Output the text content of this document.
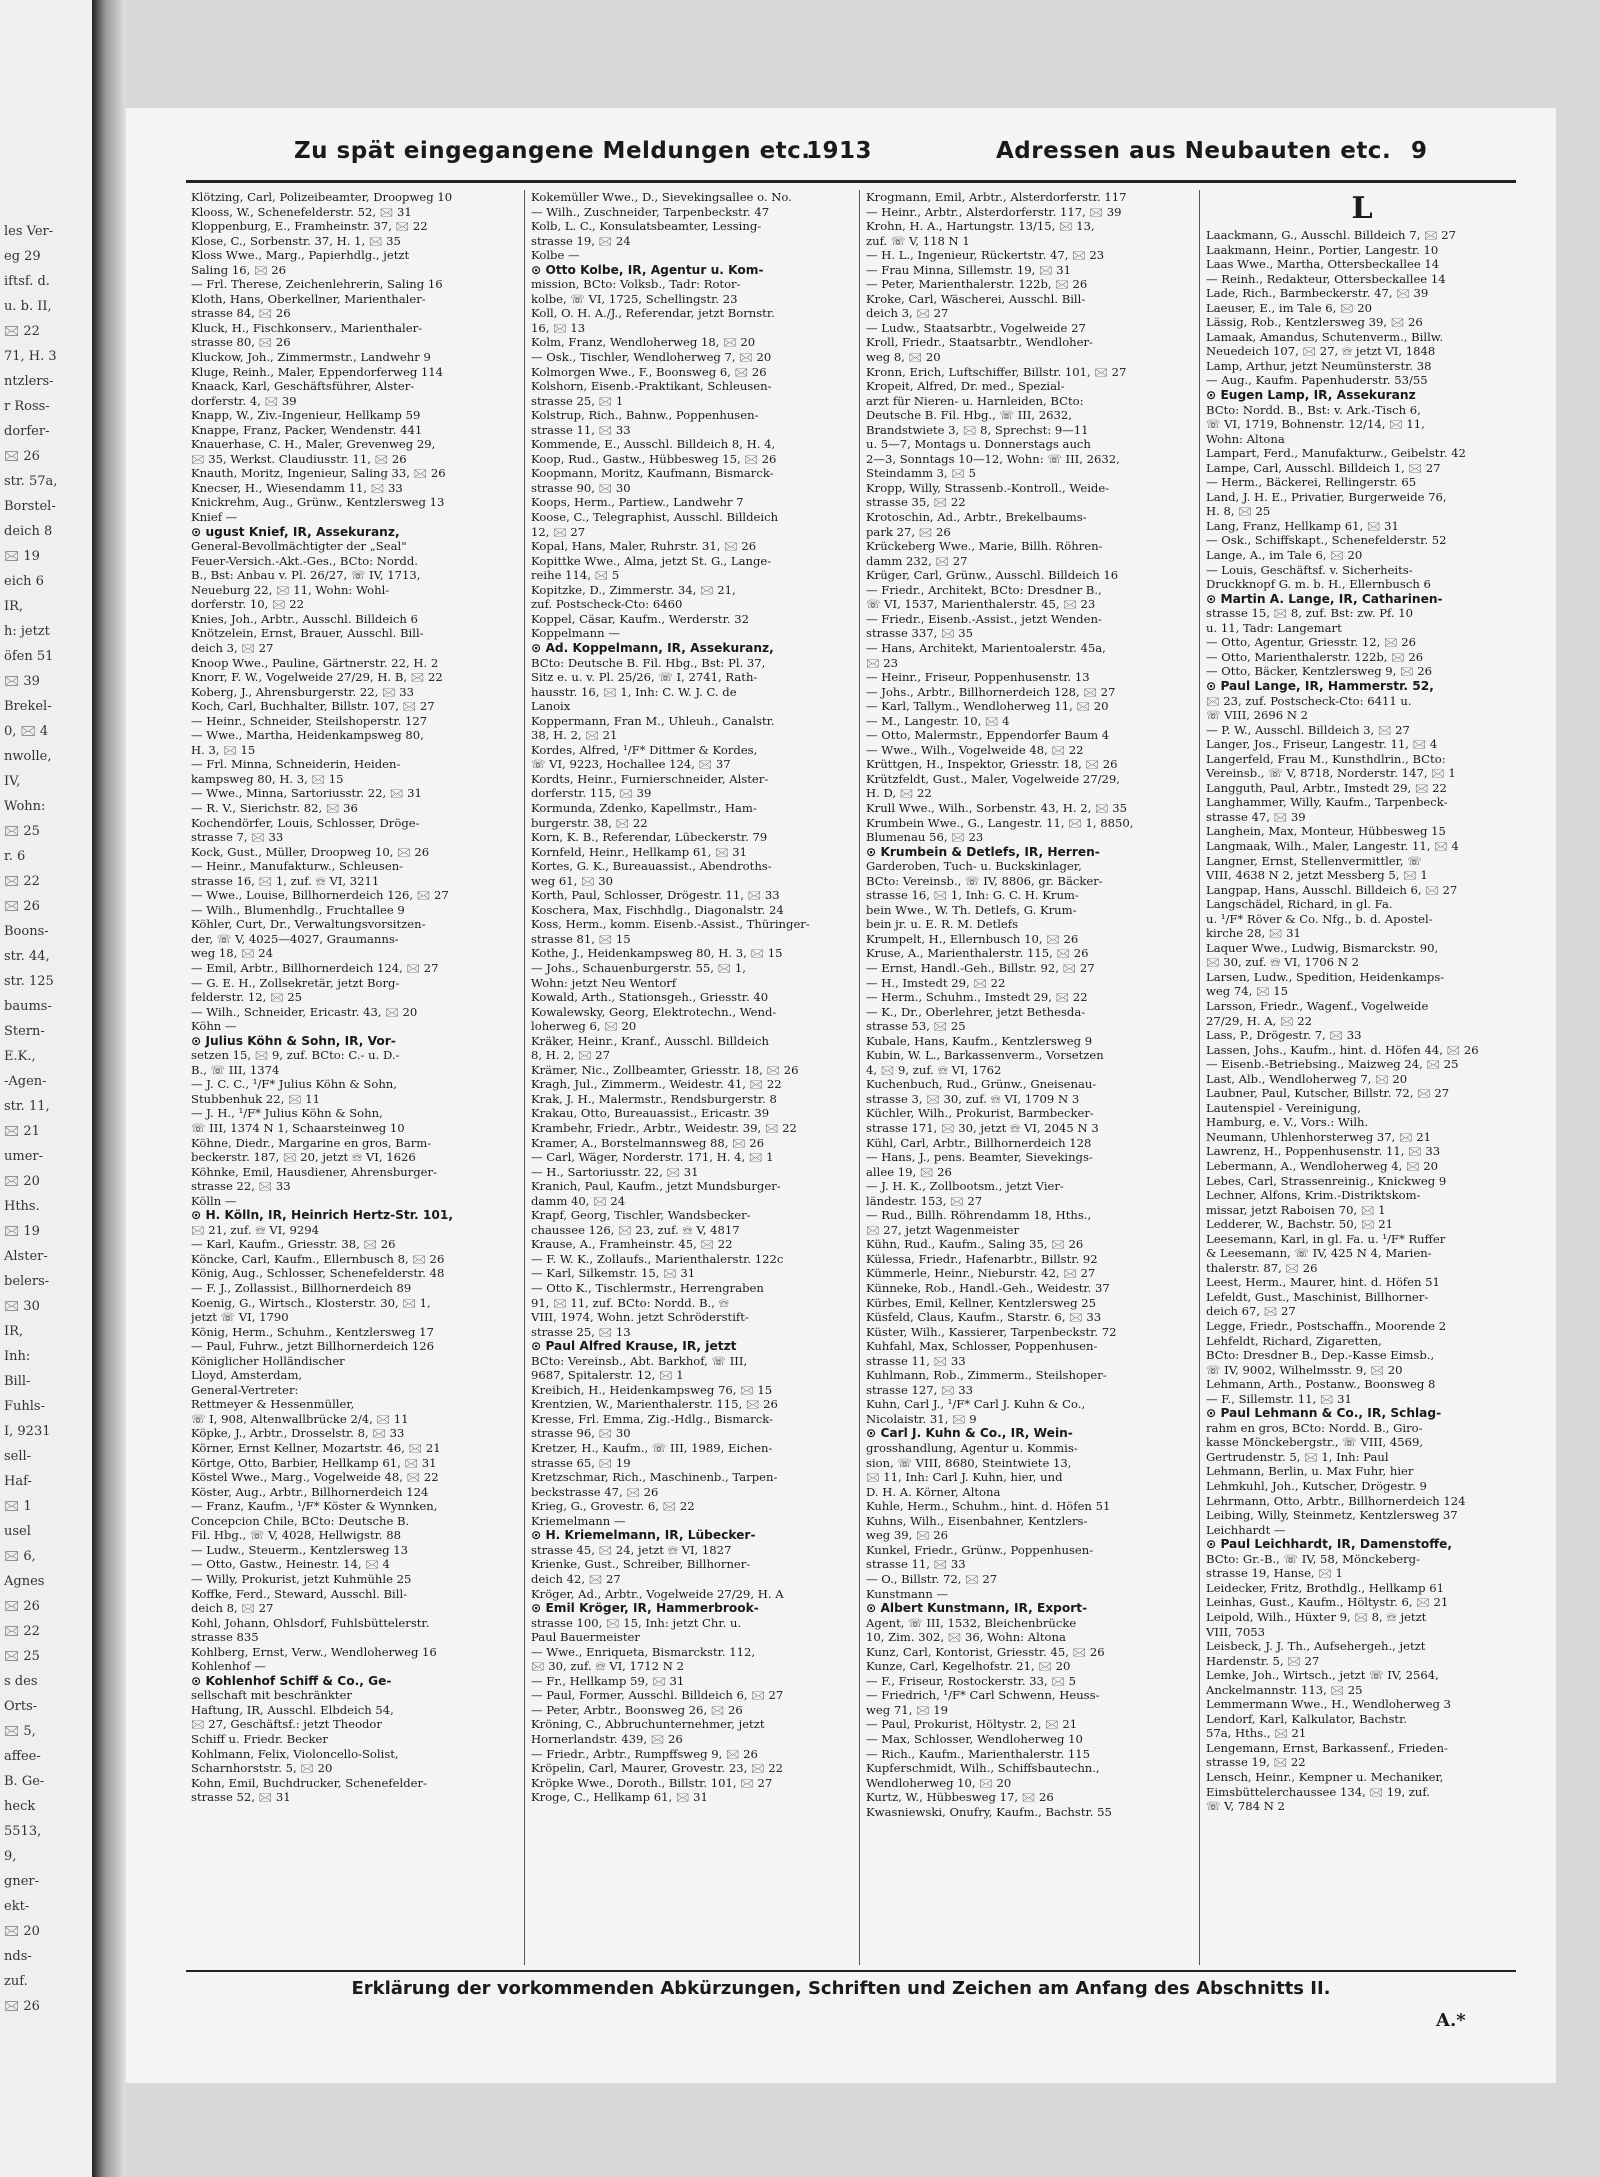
les Ver-
eg 29
iftsf. d.
u. b. II,
🖂 22
71, H. 3
ntzlers-
r Ross-
dorfer-
🖂 26
str. 57a,
Borstel-
deich 8
🖂 19
eich 6
IR,
h: jetzt
öfen 51
🖂 39
Brekel-
0, 🖂 4
nwolle,
IV,
Wohn:
🖂 25
r. 6
🖂 22
🖂 26
Boons-
str. 44,
str. 125
baums-
Stern-
E.K.,
-Agen-
str. 11,
🖂 21
umer-
🖂 20
Hths.
🖂 19
Alster-
belers-
🖂 30
IR,
Inh:
Bill-
Fuhls-
I, 9231
sell-
Haf-
🖂 1
usel
🖂 6,
Agnes
🖂 26
🖂 22
🖂 25
s des
Orts-
🖂 5,
affee-
B. Ge-
heck
5513,
9,
gner-
ekt-
🖂 20
nds-
zuf.
🖂 26
Zu spät eingegangene Meldungen etc.
1913	Adressen aus Neubauten etc. 9
Klötzing, Carl, Polizeibeamter, Droopweg 10
Klooss, W., Schenefelderstr. 52, 🖂 31
Kloppenburg, E., Framheinstr. 37, 🖂 22
Klose, C., Sorbenstr. 37, H. 1, 🖂 35
Kloss Wwe., Marg., Papierhdlg., jetzt
Saling 16, 🖂 26
— Frl. Therese, Zeichenlehrerin, Saling 16
Kloth, Hans, Oberkellner, Marienthaler-
strasse 84, 🖂 26
Kluck, H., Fischkonserv., Marienthaler-
strasse 80, 🖂 26
Kluckow, Joh., Zimmermstr., Landwehr 9
Kluge, Reinh., Maler, Eppendorferweg 114
Knaack, Karl, Geschäftsführer, Alster-
dorferstr. 4, 🖂 39
Knapp, W., Ziv.-Ingenieur, Hellkamp 59
Knappe, Franz, Packer, Wendenstr. 441
Knauerhase, C. H., Maler, Grevenweg 29,
🖂 35, Werkst. Claudiusstr. 11, 🖂 26
Knauth, Moritz, Ingenieur, Saling 33, 🖂 26
Knecser, H., Wiesendamm 11, 🖂 33
Knickrehm, Aug., Grünw., Kentzlersweg 13
Knief —
⊙ ugust Knief, IR, Assekuranz,
General-Bevollmächtigter der „Seal"
Feuer-Versich.-Akt.-Ges., BCto: Nordd.
B., Bst: Anbau v. Pl. 26/27, ☏ IV, 1713,
Neueburg 22, 🖂 11, Wohn: Wohl-
dorferstr. 10, 🖂 22
Knies, Joh., Arbtr., Ausschl. Billdeich 6
Knötzelein, Ernst, Brauer, Ausschl. Bill-
deich 3, 🖂 27
Knoop Wwe., Pauline, Gärtnerstr. 22, H. 2
Knorr, F. W., Vogelweide 27/29, H. B, 🖂 22
Koberg, J., Ahrensburgerstr. 22, 🖂 33
Koch, Carl, Buchhalter, Billstr. 107, 🖂 27
— Heinr., Schneider, Steilshoperstr. 127
— Wwe., Martha, Heidenkampsweg 80,
H. 3, 🖂 15
— Frl. Minna, Schneiderin, Heiden-
kampsweg 80, H. 3, 🖂 15
— Wwe., Minna, Sartoriusstr. 22, 🖂 31
— R. V., Sierichstr. 82, 🖂 36
Kochendörfer, Louis, Schlosser, Dröge-
strasse 7, 🖂 33
Kock, Gust., Müller, Droopweg 10, 🖂 26
— Heinr., Manufakturw., Schleusen-
strasse 16, 🖂 1, zuf. ☏ VI, 3211
— Wwe., Louise, Billhornerdeich 126, 🖂 27
— Wilh., Blumenhdlg., Fruchtallee 9
Köhler, Curt, Dr., Verwaltungsvorsitzen-
der, ☏ V, 4025—4027, Graumanns-
weg 18, 🖂 24
— Emil, Arbtr., Billhornerdeich 124, 🖂 27
— G. E. H., Zollsekretär, jetzt Borg-
felderstr. 12, 🖂 25
— Wilh., Schneider, Ericastr. 43, 🖂 20
Köhn —
⊙ Julius Köhn & Sohn, IR, Vor-
setzen 15, 🖂 9, zuf. BCto: C.- u. D.-
B., ☏ III, 1374
— J. C. C., ¹/F* Julius Köhn & Sohn,
Stubbenhuk 22, 🖂 11
— J. H., ¹/F* Julius Köhn & Sohn,
☏ III, 1374 N 1, Schaarsteinweg 10
Köhne, Diedr., Margarine en gros, Barm-
beckerstr. 187, 🖂 20, jetzt ☏ VI, 1626
Köhnke, Emil, Hausdiener, Ahrensburger-
strasse 22, 🖂 33
Kölln —
⊙ H. Kölln, IR, Heinrich Hertz-Str. 101,
🖂 21, zuf. ☏ VI, 9294
— Karl, Kaufm., Griesstr. 38, 🖂 26
Köncke, Carl, Kaufm., Ellernbusch 8, 🖂 26
König, Aug., Schlosser, Schenefelderstr. 48
— F. J., Zollassist., Billhornerdeich 89
Koenig, G., Wirtsch., Klosterstr. 30, 🖂 1,
jetzt ☏ VI, 1790
König, Herm., Schuhm., Kentzlersweg 17
— Paul, Fuhrw., jetzt Billhornerdeich 126
Königlicher Holländischer
Lloyd, Amsterdam,
General-Vertreter:
Rettmeyer & Hessenmüller,
☏ I, 908, Altenwallbrücke 2/4, 🖂 11
Köpke, J., Arbtr., Drosselstr. 8, 🖂 33
Körner, Ernst Kellner, Mozartstr. 46, 🖂 21
Körtge, Otto, Barbier, Hellkamp 61, 🖂 31
Köstel Wwe., Marg., Vogelweide 48, 🖂 22
Köster, Aug., Arbtr., Billhornerdeich 124
— Franz, Kaufm., ¹/F* Köster & Wynnken,
Concepcion Chile, BCto: Deutsche B.
Fil. Hbg., ☏ V, 4028, Hellwigstr. 88
— Ludw., Steuerm., Kentzlersweg 13
— Otto, Gastw., Heinestr. 14, 🖂 4
— Willy, Prokurist, jetzt Kuhmühle 25
Koffke, Ferd., Steward, Ausschl. Bill-
deich 8, 🖂 27
Kohl, Johann, Ohlsdorf, Fuhlsbüttelerstr.
strasse 835
Kohlberg, Ernst, Verw., Wendloherweg 16
Kohlenhof —
⊙ Kohlenhof Schiff & Co., Ge-
sellschaft mit beschränkter
Haftung, IR, Ausschl. Elbdeich 54,
🖂 27, Geschäftsf.: jetzt Theodor
Schiff u. Friedr. Becker
Kohlmann, Felix, Violoncello-Solist,
Scharnhorststr. 5, 🖂 20
Kohn, Emil, Buchdrucker, Schenefelder-
strasse 52, 🖂 31
Kokemüller Wwe., D., Sievekingsallee o. No.
— Wilh., Zuschneider, Tarpenbeckstr. 47
Kolb, L. C., Konsulatsbeamter, Lessing-
strasse 19, 🖂 24
Kolbe —
⊙ Otto Kolbe, IR, Agentur u. Kom-
mission, BCto: Volksb., Tadr: Rotor-
kolbe, ☏ VI, 1725, Schellingstr. 23
Koll, O. H. A./J., Referendar, jetzt Bornstr.
16, 🖂 13
Kolm, Franz, Wendloherweg 18, 🖂 20
— Osk., Tischler, Wendloherweg 7, 🖂 20
Kolmorgen Wwe., F., Boonsweg 6, 🖂 26
Kolshorn, Eisenb.-Praktikant, Schleusen-
strasse 25, 🖂 1
Kolstrup, Rich., Bahnw., Poppenhusen-
strasse 11, 🖂 33
Kommende, E., Ausschl. Billdeich 8, H. 4,
Koop, Rud., Gastw., Hübbesweg 15, 🖂 26
Koopmann, Moritz, Kaufmann, Bismarck-
strasse 90, 🖂 30
Koops, Herm., Partiew., Landwehr 7
Koose, C., Telegraphist, Ausschl. Billdeich
12, 🖂 27
Kopal, Hans, Maler, Ruhrstr. 31, 🖂 26
Kopittke Wwe., Alma, jetzt St. G., Lange-
reihe 114, 🖂 5
Kopitzke, D., Zimmerstr. 34, 🖂 21,
zuf. Postscheck-Cto: 6460
Koppel, Cäsar, Kaufm., Werderstr. 32
Koppelmann —
⊙ Ad. Koppelmann, IR, Assekuranz,
BCto: Deutsche B. Fil. Hbg., Bst: Pl. 37,
Sitz e. u. v. Pl. 25/26, ☏ I, 2741, Rath-
hausstr. 16, 🖂 1, Inh: C. W. J. C. de
Lanoix
Koppermann, Fran M., Uhleuh., Canalstr.
38, H. 2, 🖂 21
Kordes, Alfred, ¹/F* Dittmer & Kordes,
☏ VI, 9223, Hochallee 124, 🖂 37
Kordts, Heinr., Furnierschneider, Alster-
dorferstr. 115, 🖂 39
Kormunda, Zdenko, Kapellmstr., Ham-
burgerstr. 38, 🖂 22
Korn, K. B., Referendar, Lübeckerstr. 79
Kornfeld, Heinr., Hellkamp 61, 🖂 31
Kortes, G. K., Bureauassist., Abendroths-
weg 61, 🖂 30
Korth, Paul, Schlosser, Drögestr. 11, 🖂 33
Koschera, Max, Fischhdlg., Diagonalstr. 24
Koss, Herm., komm. Eisenb.-Assist., Thüringer-
strasse 81, 🖂 15
Kothe, J., Heidenkampsweg 80, H. 3, 🖂 15
— Johs., Schauenburgerstr. 55, 🖂 1,
Wohn: jetzt Neu Wentorf
Kowald, Arth., Stationsgeh., Griesstr. 40
Kowalewsky, Georg, Elektrotechn., Wend-
loherweg 6, 🖂 20
Kräker, Heinr., Kranf., Ausschl. Billdeich
8, H. 2, 🖂 27
Krämer, Nic., Zollbeamter, Griesstr. 18, 🖂 26
Kragh, Jul., Zimmerm., Weidestr. 41, 🖂 22
Krak, J. H., Malermstr., Rendsburgerstr. 8
Krakau, Otto, Bureauassist., Ericastr. 39
Krambehr, Friedr., Arbtr., Weidestr. 39, 🖂 22
Kramer, A., Borstelmannsweg 88, 🖂 26
— Carl, Wäger, Norderstr. 171, H. 4, 🖂 1
— H., Sartoriusstr. 22, 🖂 31
Kranich, Paul, Kaufm., jetzt Mundsburger-
damm 40, 🖂 24
Krapf, Georg, Tischler, Wandsbecker-
chaussee 126, 🖂 23, zuf. ☏ V, 4817
Krause, A., Framheinstr. 45, 🖂 22
— F. W. K., Zollaufs., Marienthalerstr. 122c
— Karl, Silkemstr. 15, 🖂 31
— Otto K., Tischlermstr., Herrengraben
91, 🖂 11, zuf. BCto: Nordd. B., ☏
VIII, 1974, Wohn. jetzt Schröderstift-
strasse 25, 🖂 13
⊙ Paul Alfred Krause, IR, jetzt
BCto: Vereinsb., Abt. Barkhof, ☏ III,
9687, Spitalerstr. 12, 🖂 1
Kreibich, H., Heidenkampsweg 76, 🖂 15
Krentzien, W., Marienthalerstr. 115, 🖂 26
Kresse, Frl. Emma, Zig.-Hdlg., Bismarck-
strasse 96, 🖂 30
Kretzer, H., Kaufm., ☏ III, 1989, Eichen-
strasse 65, 🖂 19
Kretzschmar, Rich., Maschinenb., Tarpen-
beckstrasse 47, 🖂 26
Krieg, G., Grovestr. 6, 🖂 22
Kriemelmann —
⊙ H. Kriemelmann, IR, Lübecker-
strasse 45, 🖂 24, jetzt ☏ VI, 1827
Krienke, Gust., Schreiber, Billhorner-
deich 42, 🖂 27
Kröger, Ad., Arbtr., Vogelweide 27/29, H. A
⊙ Emil Kröger, IR, Hammerbrook-
strasse 100, 🖂 15, Inh: jetzt Chr. u.
Paul Bauermeister
— Wwe., Enriqueta, Bismarckstr. 112,
🖂 30, zuf. ☏ VI, 1712 N 2
— Fr., Hellkamp 59, 🖂 31
— Paul, Former, Ausschl. Billdeich 6, 🖂 27
— Peter, Arbtr., Boonsweg 26, 🖂 26
Kröning, C., Abbruchunternehmer, jetzt
Hornerlandstr. 439, 🖂 26
— Friedr., Arbtr., Rumpffsweg 9, 🖂 26
Kröpelin, Carl, Maurer, Grovestr. 23, 🖂 22
Kröpke Wwe., Doroth., Billstr. 101, 🖂 27
Kroge, C., Hellkamp 61, 🖂 31
Krogmann, Emil, Arbtr., Alsterdorferstr. 117
— Heinr., Arbtr., Alsterdorferstr. 117, 🖂 39
Krohn, H. A., Hartungstr. 13/15, 🖂 13,
zuf. ☏ V, 118 N 1
— H. L., Ingenieur, Rückertstr. 47, 🖂 23
— Frau Minna, Sillemstr. 19, 🖂 31
— Peter, Marienthalerstr. 122b, 🖂 26
Kroke, Carl, Wäscherei, Ausschl. Bill-
deich 3, 🖂 27
— Ludw., Staatsarbtr., Vogelweide 27
Kroll, Friedr., Staatsarbtr., Wendloher-
weg 8, 🖂 20
Kronn, Erich, Luftschiffer, Billstr. 101, 🖂 27
Kropeit, Alfred, Dr. med., Spezial-
arzt für Nieren- u. Harnleiden, BCto:
Deutsche B. Fil. Hbg., ☏ III, 2632,
Brandstwiete 3, 🖂 8, Sprechst: 9—11
u. 5—7, Montags u. Donnerstags auch
2—3, Sonntags 10—12, Wohn: ☏ III, 2632,
Steindamm 3, 🖂 5
Kropp, Willy, Strassenb.-Kontroll., Weide-
strasse 35, 🖂 22
Krotoschin, Ad., Arbtr., Brekelbaums-
park 27, 🖂 26
Krückeberg Wwe., Marie, Billh. Röhren-
damm 232, 🖂 27
Krüger, Carl, Grünw., Ausschl. Billdeich 16
— Friedr., Architekt, BCto: Dresdner B.,
☏ VI, 1537, Marienthalerstr. 45, 🖂 23
— Friedr., Eisenb.-Assist., jetzt Wenden-
strasse 337, 🖂 35
— Hans, Architekt, Marientoalerstr. 45a,
🖂 23
— Heinr., Friseur, Poppenhusenstr. 13
— Johs., Arbtr., Billhornerdeich 128, 🖂 27
— Karl, Tallym., Wendloherweg 11, 🖂 20
— M., Langestr. 10, 🖂 4
— Otto, Malermstr., Eppendorfer Baum 4
— Wwe., Wilh., Vogelweide 48, 🖂 22
Krüttgen, H., Inspektor, Griesstr. 18, 🖂 26
Krützfeldt, Gust., Maler, Vogelweide 27/29,
H. D, 🖂 22
Krull Wwe., Wilh., Sorbenstr. 43, H. 2, 🖂 35
Krumbein Wwe., G., Langestr. 11, 🖂 1, 8850,
Blumenau 56, 🖂 23
⊙ Krumbein & Detlefs, IR, Herren-
Garderoben, Tuch- u. Buckskinlager,
BCto: Vereinsb., ☏ IV, 8806, gr. Bäcker-
strasse 16, 🖂 1, Inh: G. C. H. Krum-
bein Wwe., W. Th. Detlefs, G. Krum-
bein jr. u. E. R. M. Detlefs
Krumpelt, H., Ellernbusch 10, 🖂 26
Kruse, A., Marienthalerstr. 115, 🖂 26
— Ernst, Handl.-Geh., Billstr. 92, 🖂 27
— H., Imstedt 29, 🖂 22
— Herm., Schuhm., Imstedt 29, 🖂 22
— K., Dr., Oberlehrer, jetzt Bethesda-
strasse 53, 🖂 25
Kubale, Hans, Kaufm., Kentzlersweg 9
Kubin, W. L., Barkassenverm., Vorsetzen
4, 🖂 9, zuf. ☏ VI, 1762
Kuchenbuch, Rud., Grünw., Gneisenau-
strasse 3, 🖂 30, zuf. ☏ VI, 1709 N 3
Küchler, Wilh., Prokurist, Barmbecker-
strasse 171, 🖂 30, jetzt ☏ VI, 2045 N 3
Kühl, Carl, Arbtr., Billhornerdeich 128
— Hans, J., pens. Beamter, Sievekings-
allee 19, 🖂 26
— J. H. K., Zollbootsm., jetzt Vier-
ländestr. 153, 🖂 27
— Rud., Billh. Röhrendamm 18, Hths.,
🖂 27, jetzt Wagenmeister
Kühn, Rud., Kaufm., Saling 35, 🖂 26
Külessa, Friedr., Hafenarbtr., Billstr. 92
Kümmerle, Heinr., Nieburstr. 42, 🖂 27
Künneke, Rob., Handl.-Geh., Weidestr. 37
Kürbes, Emil, Kellner, Kentzlersweg 25
Küsfeld, Claus, Kaufm., Starstr. 6, 🖂 33
Küster, Wilh., Kassierer, Tarpenbeckstr. 72
Kuhfahl, Max, Schlosser, Poppenhusen-
strasse 11, 🖂 33
Kuhlmann, Rob., Zimmerm., Steilshoper-
strasse 127, 🖂 33
Kuhn, Carl J., ¹/F* Carl J. Kuhn & Co.,
Nicolaistr. 31, 🖂 9
⊙ Carl J. Kuhn & Co., IR, Wein-
grosshandlung, Agentur u. Kommis-
sion, ☏ VIII, 8680, Steintwiete 13,
🖂 11, Inh: Carl J. Kuhn, hier, und
D. H. A. Körner, Altona
Kuhle, Herm., Schuhm., hint. d. Höfen 51
Kuhns, Wilh., Eisenbahner, Kentzlers-
weg 39, 🖂 26
Kunkel, Friedr., Grünw., Poppenhusen-
strasse 11, 🖂 33
— O., Billstr. 72, 🖂 27
Kunstmann —
⊙ Albert Kunstmann, IR, Export-
Agent, ☏ III, 1532, Bleichenbrücke
10, Zim. 302, 🖂 36, Wohn: Altona
Kunz, Carl, Kontorist, Griesstr. 45, 🖂 26
Kunze, Carl, Kegelhofstr. 21, 🖂 20
— F., Friseur, Rostockerstr. 33, 🖂 5
— Friedrich, ¹/F* Carl Schwenn, Heuss-
weg 71, 🖂 19
— Paul, Prokurist, Höltystr. 2, 🖂 21
— Max, Schlosser, Wendloherweg 10
— Rich., Kaufm., Marienthalerstr. 115
Kupferschmidt, Wilh., Schiffsbautechn.,
Wendloherweg 10, 🖂 20
Kurtz, W., Hübbesweg 17, 🖂 26
Kwasniewski, Onufry, Kaufm., Bachstr. 55
L
Laackmann, G., Ausschl. Billdeich 7, 🖂 27
Laakmann, Heinr., Portier, Langestr. 10
Laas Wwe., Martha, Ottersbeckallee 14
— Reinh., Redakteur, Ottersbeckallee 14
Lade, Rich., Barmbeckerstr. 47, 🖂 39
Laeuser, E., im Tale 6, 🖂 20
Lässig, Rob., Kentzlersweg 39, 🖂 26
Lamaak, Amandus, Schutenverm., Billw.
Neuedeich 107, 🖂 27, ☏ jetzt VI, 1848
Lamp, Arthur, jetzt Neumünsterstr. 38
— Aug., Kaufm. Papenhuderstr. 53/55
⊙ Eugen Lamp, IR, Assekuranz
BCto: Nordd. B., Bst: v. Ark.-Tisch 6,
☏ VI, 1719, Bohnenstr. 12/14, 🖂 11,
Wohn: Altona
Lampart, Ferd., Manufakturw., Geibelstr. 42
Lampe, Carl, Ausschl. Billdeich 1, 🖂 27
— Herm., Bäckerei, Rellingerstr. 65
Land, J. H. E., Privatier, Burgerweide 76,
H. 8, 🖂 25
Lang, Franz, Hellkamp 61, 🖂 31
— Osk., Schiffskapt., Schenefelderstr. 52
Lange, A., im Tale 6, 🖂 20
— Louis, Geschäftsf. v. Sicherheits-
Druckknopf G. m. b. H., Ellernbusch 6
⊙ Martin A. Lange, IR, Catharinen-
strasse 15, 🖂 8, zuf. Bst: zw. Pf. 10
u. 11, Tadr: Langemart
— Otto, Agentur, Griesstr. 12, 🖂 26
— Otto, Marienthalerstr. 122b, 🖂 26
— Otto, Bäcker, Kentzlersweg 9, 🖂 26
⊙ Paul Lange, IR, Hammerstr. 52,
🖂 23, zuf. Postscheck-Cto: 6411 u.
☏ VIII, 2696 N 2
— P. W., Ausschl. Billdeich 3, 🖂 27
Langer, Jos., Friseur, Langestr. 11, 🖂 4
Langerfeld, Frau M., Kunsthdlrin., BCto:
Vereinsb., ☏ V, 8718, Norderstr. 147, 🖂 1
Langguth, Paul, Arbtr., Imstedt 29, 🖂 22
Langhammer, Willy, Kaufm., Tarpenbeck-
strasse 47, 🖂 39
Langhein, Max, Monteur, Hübbesweg 15
Langmaak, Wilh., Maler, Langestr. 11, 🖂 4
Langner, Ernst, Stellenvermittler, ☏
VIII, 4638 N 2, jetzt Messberg 5, 🖂 1
Langpap, Hans, Ausschl. Billdeich 6, 🖂 27
Langschädel, Richard, in gl. Fa.
u. ¹/F* Röver & Co. Nfg., b. d. Apostel-
kirche 28, 🖂 31
Laquer Wwe., Ludwig, Bismarckstr. 90,
🖂 30, zuf. ☏ VI, 1706 N 2
Larsen, Ludw., Spedition, Heidenkamps-
weg 74, 🖂 15
Larsson, Friedr., Wagenf., Vogelweide
27/29, H. A, 🖂 22
Lass, P., Drögestr. 7, 🖂 33
Lassen, Johs., Kaufm., hint. d. Höfen 44, 🖂 26
— Eisenb.-Betriebsing., Maizweg 24, 🖂 25
Last, Alb., Wendloherweg 7, 🖂 20
Laubner, Paul, Kutscher, Billstr. 72, 🖂 27
Lautenspiel - Vereinigung,
Hamburg, e. V., Vors.: Wilh.
Neumann, Uhlenhorsterweg 37, 🖂 21
Lawrenz, H., Poppenhusenstr. 11, 🖂 33
Lebermann, A., Wendloherweg 4, 🖂 20
Lebes, Carl, Strassenreinig., Knickweg 9
Lechner, Alfons, Krim.-Distriktskom-
missar, jetzt Raboisen 70, 🖂 1
Ledderer, W., Bachstr. 50, 🖂 21
Leesemann, Karl, in gl. Fa. u. ¹/F* Ruffer
& Leesemann, ☏ IV, 425 N 4, Marien-
thalerstr. 87, 🖂 26
Leest, Herm., Maurer, hint. d. Höfen 51
Lefeldt, Gust., Maschinist, Billhorner-
deich 67, 🖂 27
Legge, Friedr., Postschaffn., Moorende 2
Lehfeldt, Richard, Zigaretten,
BCto: Dresdner B., Dep.-Kasse Eimsb.,
☏ IV, 9002, Wilhelmsstr. 9, 🖂 20
Lehmann, Arth., Postanw., Boonsweg 8
— F., Sillemstr. 11, 🖂 31
⊙ Paul Lehmann & Co., IR, Schlag-
rahm en gros, BCto: Nordd. B., Giro-
kasse Mönckebergstr., ☏ VIII, 4569,
Gertrudenstr. 5, 🖂 1, Inh: Paul
Lehmann, Berlin, u. Max Fuhr, hier
Lehmkuhl, Joh., Kutscher, Drögestr. 9
Lehrmann, Otto, Arbtr., Billhornerdeich 124
Leibing, Willy, Steinmetz, Kentzlersweg 37
Leichhardt —
⊙ Paul Leichhardt, IR, Damenstoffe,
BCto: Gr.-B., ☏ IV, 58, Mönckeberg-
strasse 19, Hanse, 🖂 1
Leidecker, Fritz, Brothdlg., Hellkamp 61
Leinhas, Gust., Kaufm., Höltystr. 6, 🖂 21
Leipold, Wilh., Hüxter 9, 🖂 8, ☏ jetzt
VIII, 7053
Leisbeck, J. J. Th., Aufsehergeh., jetzt
Hardenstr. 5, 🖂 27
Lemke, Joh., Wirtsch., jetzt ☏ IV, 2564,
Anckelmannstr. 113, 🖂 25
Lemmermann Wwe., H., Wendloherweg 3
Lendorf, Karl, Kalkulator, Bachstr.
57a, Hths., 🖂 21
Lengemann, Ernst, Barkassenf., Frieden-
strasse 19, 🖂 22
Lensch, Heinr., Kempner u. Mechaniker,
Eimsbüttelerchaussee 134, 🖂 19, zuf.
☏ V, 784 N 2
Erklärung der vorkommenden Abkürzungen, Schriften und Zeichen am Anfang des Abschnitts II.
A.*
